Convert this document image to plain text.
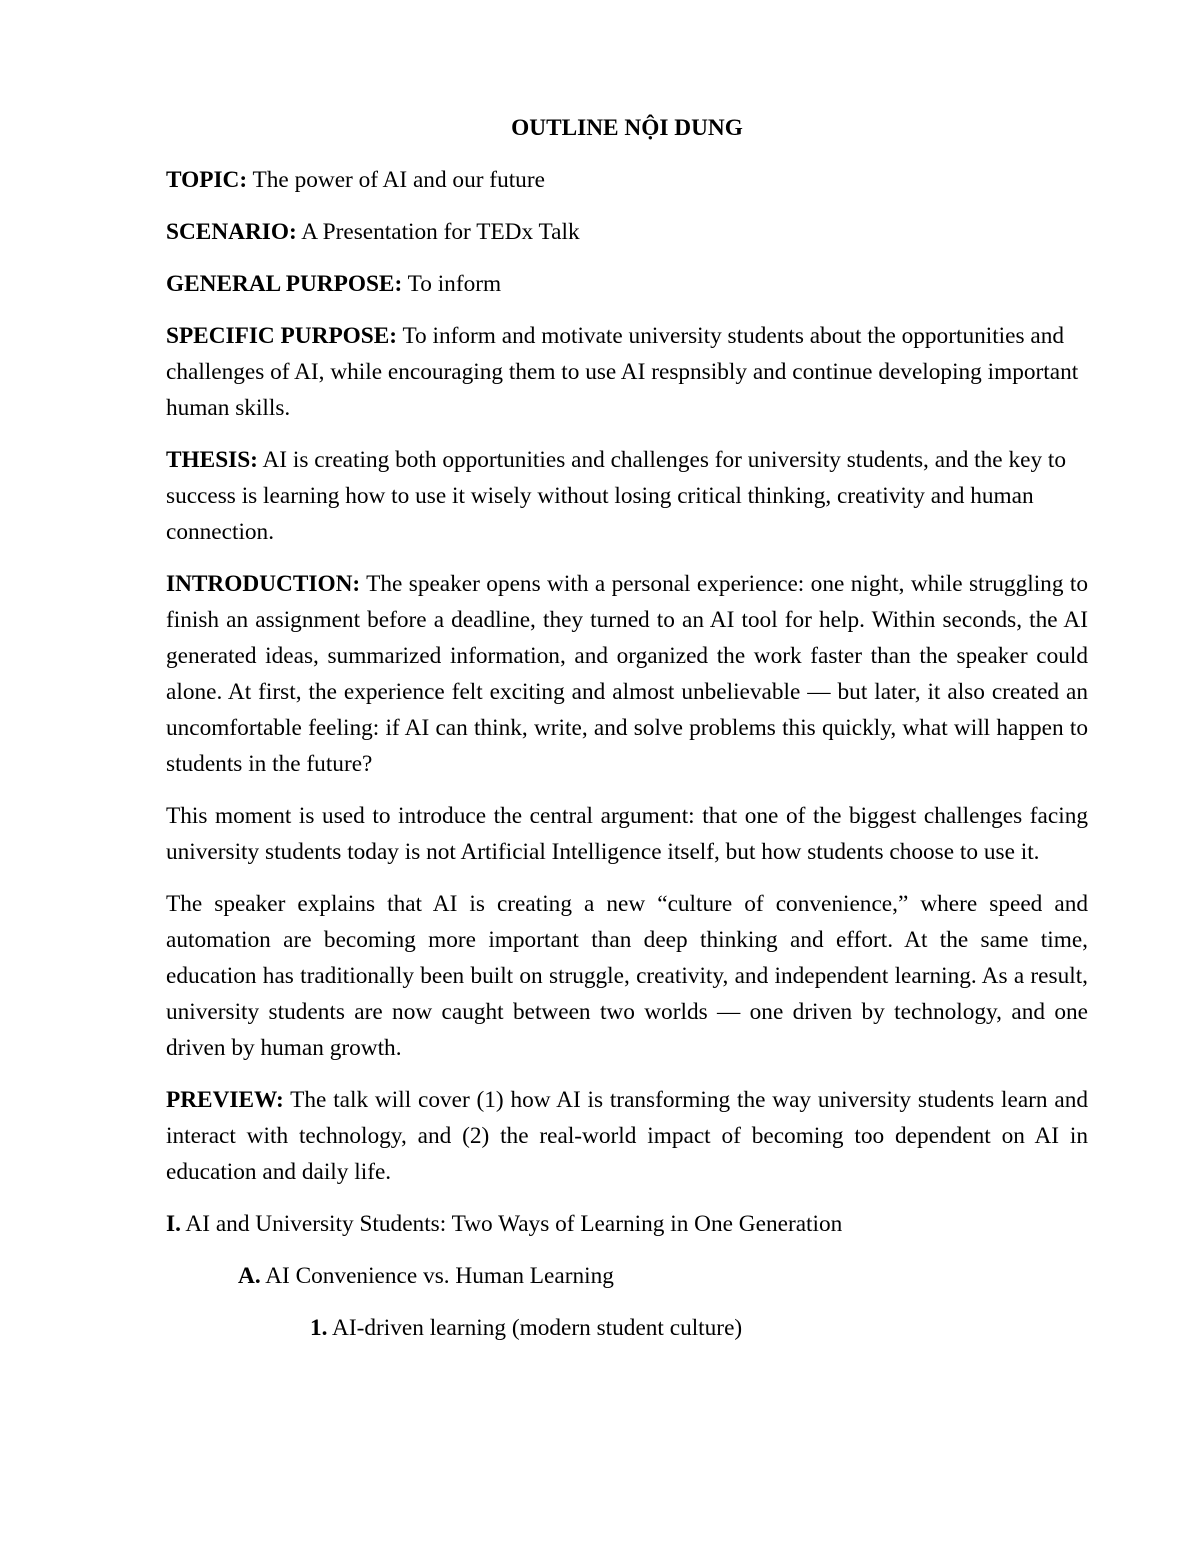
OUTLINE NỘI DUNG

TOPIC: The power of AI and our future

SCENARIO: A Presentation for TEDx Talk

GENERAL PURPOSE: To inform

SPECIFIC PURPOSE: To inform and motivate university students about the opportunities and challenges of AI, while encouraging them to use AI respnsibly and continue developing important human skills.

THESIS: AI is creating both opportunities and challenges for university students, and the key to success is learning how to use it wisely without losing critical thinking, creativity and human connection.

INTRODUCTION: The speaker opens with a personal experience: one night, while struggling to finish an assignment before a deadline, they turned to an AI tool for help. Within seconds, the AI generated ideas, summarized information, and organized the work faster than the speaker could alone. At first, the experience felt exciting and almost unbelievable — but later, it also created an uncomfortable feeling: if AI can think, write, and solve problems this quickly, what will happen to students in the future?

This moment is used to introduce the central argument: that one of the biggest challenges facing university students today is not Artificial Intelligence itself, but how students choose to use it.

The speaker explains that AI is creating a new “culture of convenience,” where speed and automation are becoming more important than deep thinking and effort. At the same time, education has traditionally been built on struggle, creativity, and independent learning. As a result, university students are now caught between two worlds — one driven by technology, and one driven by human growth.

PREVIEW: The talk will cover (1) how AI is transforming the way university students learn and interact with technology, and (2) the real-world impact of becoming too dependent on AI in education and daily life.

I. AI and University Students: Two Ways of Learning in One Generation

A. AI Convenience vs. Human Learning

1. AI-driven learning (modern student culture)
